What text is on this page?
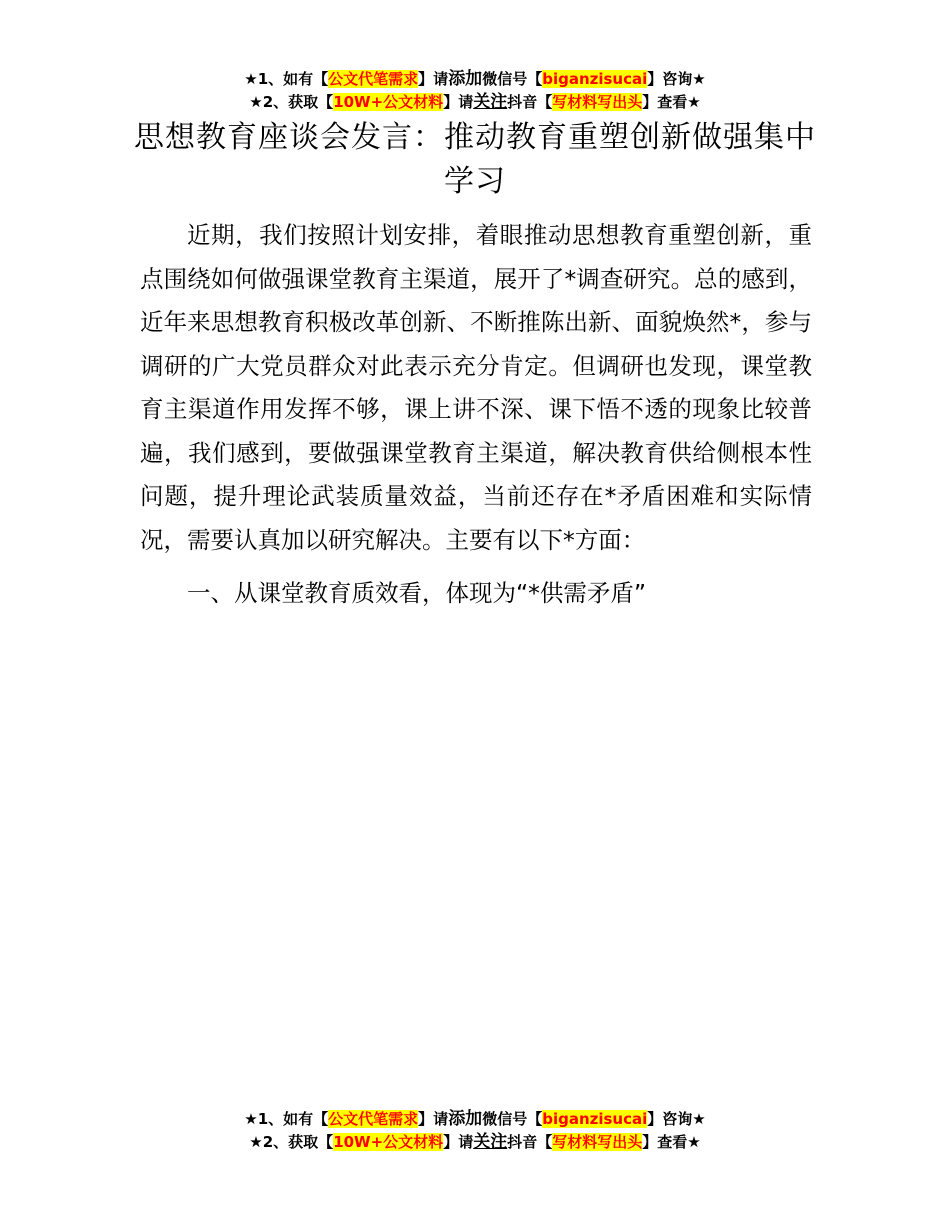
★1、如有【公文代笔需求】请添加微信号【biganzisucai】咨询★
★2、获取【10W+公文材料】请关注抖音【写材料写出头】查看★
思想教育座谈会发言：推动教育重塑创新做强集中学习

近期，我们按照计划安排，着眼推动思想教育重塑创新，重点围绕如何做强课堂教育主渠道，展开了*调查研究。总的感到，近年来思想教育积极改革创新、不断推陈出新、面貌焕然*，参与调研的广大党员群众对此表示充分肯定。但调研也发现，课堂教育主渠道作用发挥不够，课上讲不深、课下悟不透的现象比较普遍，我们感到，要做强课堂教育主渠道，解决教育供给侧根本性问题，提升理论武装质量效益，当前还存在*矛盾困难和实际情况，需要认真加以研究解决。主要有以下*方面：

一、从课堂教育质效看，体现为“*供需矛盾”

★1、如有【公文代笔需求】请添加微信号【biganzisucai】咨询★
★2、获取【10W+公文材料】请关注抖音【写材料写出头】查看★
